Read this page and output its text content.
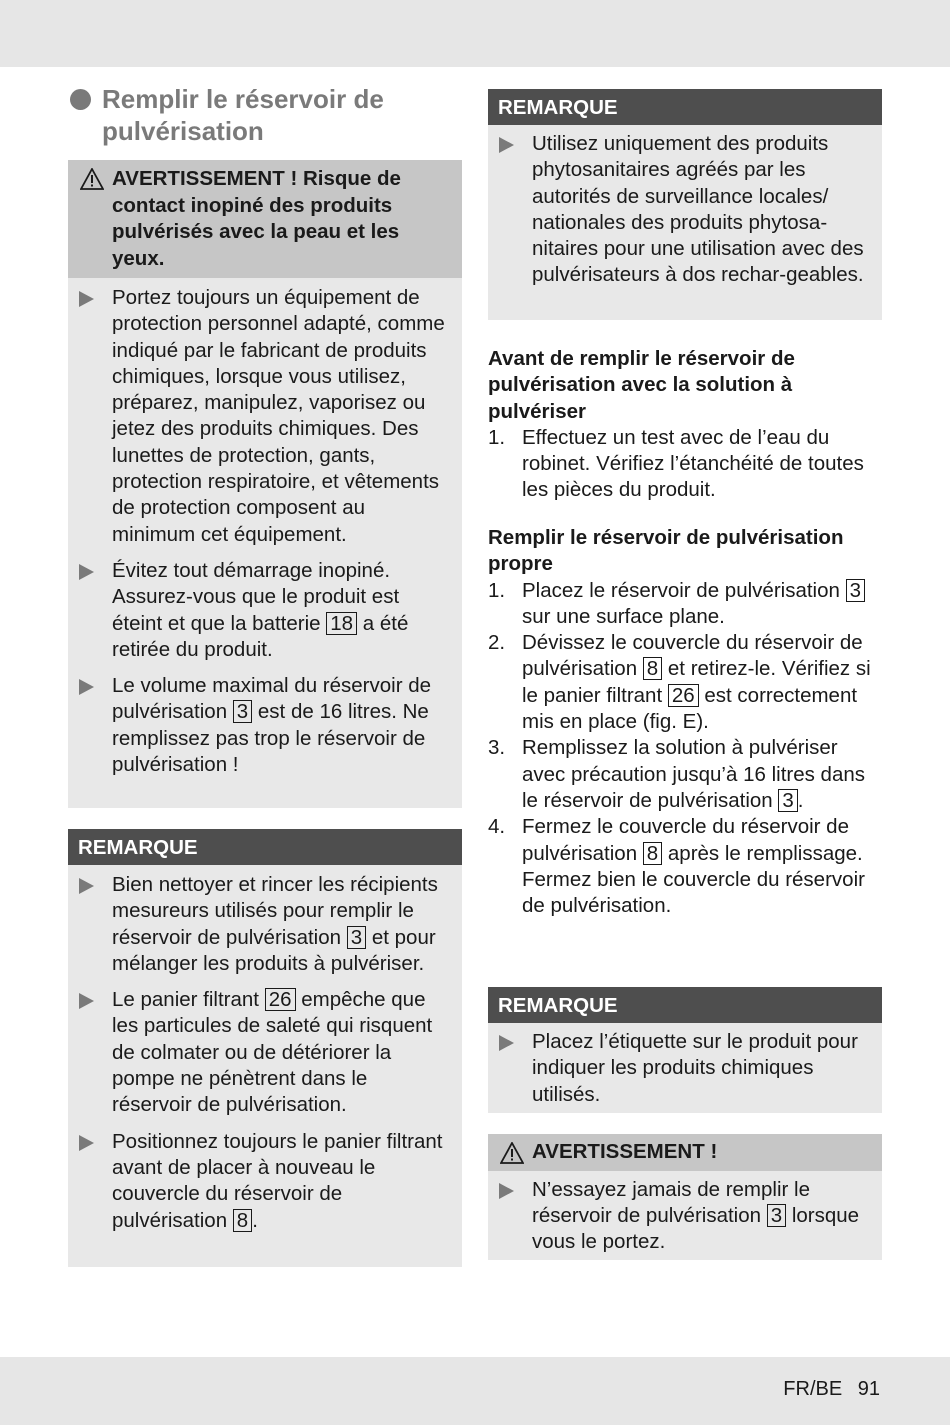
Remplir le réservoir de pulvérisation
AVERTISSEMENT ! Risque de contact inopiné des produits pulvérisés avec la peau et les yeux.
Portez toujours un équipement de protection personnel adapté, comme indiqué par le fabricant de produits chimiques, lorsque vous utilisez, préparez, manipulez, vaporisez ou jetez des produits chimiques. Des lunettes de protection, gants, protection respiratoire, et vêtements de protection composent au minimum cet équipement.
Évitez tout démarrage inopiné. Assurez-vous que le produit est éteint et que la batterie 18 a été retirée du produit.
Le volume maximal du réservoir de pulvérisation 3 est de 16 litres. Ne remplissez pas trop le réservoir de pulvérisation !
REMARQUE
Bien nettoyer et rincer les récipients mesureurs utilisés pour remplir le réservoir de pulvérisation 3 et pour mélanger les produits à pulvériser.
Le panier filtrant 26 empêche que les particules de saleté qui risquent de colmater ou de détériorer la pompe ne pénètrent dans le réservoir de pulvérisation.
Positionnez toujours le panier filtrant avant de placer à nouveau le couvercle du réservoir de pulvérisation 8 .
REMARQUE
Utilisez uniquement des produits phytosanitaires agréés par les autorités de surveillance locales/ nationales des produits phytosa-nitaires pour une utilisation avec des pulvérisateurs à dos rechar-geables.
Avant de remplir le réservoir de pulvérisation avec la solution à pulvériser
1. Effectuez un test avec de l’eau du robinet. Vérifiez l’étanchéité de toutes les pièces du produit.
Remplir le réservoir de pulvérisation propre
1. Placez le réservoir de pulvérisation 3 sur une surface plane.
2. Dévissez le couvercle du réservoir de pulvérisation 8 et retirez-le. Vérifiez si le panier filtrant 26 est correctement mis en place (fig. E).
3. Remplissez la solution à pulvériser avec précaution jusqu’à 16 litres dans le réservoir de pulvérisation 3 .
4. Fermez le couvercle du réservoir de pulvérisation 8 après le remplissage. Fermez bien le couvercle du réservoir de pulvérisation.
REMARQUE
Placez l’étiquette sur le produit pour indiquer les produits chimiques utilisés.
AVERTISSEMENT !
N’essayez jamais de remplir le réservoir de pulvérisation 3 lorsque vous le portez.
FR/BE 91
